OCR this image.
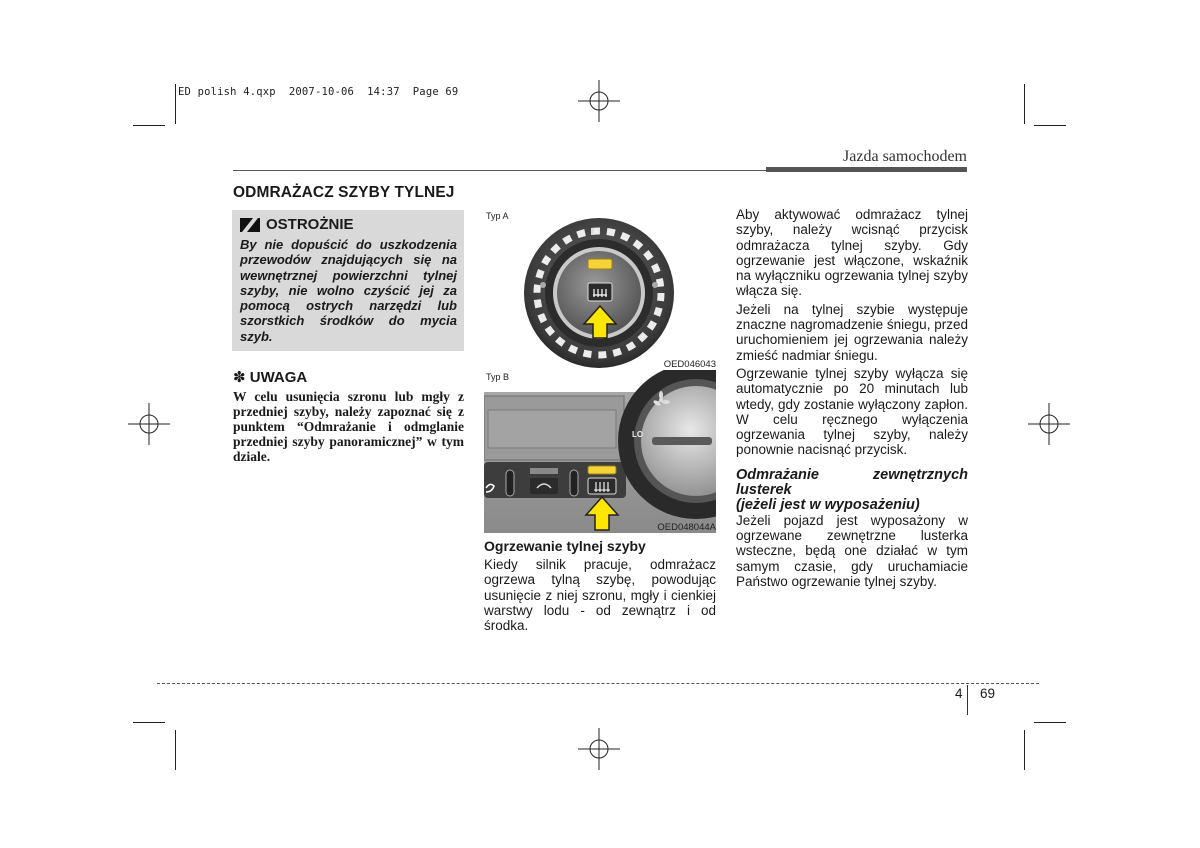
ED polish 4.qxp  2007-10-06  14:37  Page 69
Jazda samochodem
ODMRAŻACZ SZYBY TYLNEJ
OSTROŻNIE
By nie dopuścić do uszkodzenia przewodów znajdujących się na wewnętrznej powierzchni tylnej szyby, nie wolno czyścić jej za pomocą ostrych narzędzi lub szorstkich środków do mycia szyb.
✽ UWAGA
W celu usunięcia szronu lub mgły z przedniej szyby, należy zapoznać się z punktem “Odmrażanie i odmglanie przedniej szyby panoramicznej” w tym dziale.
Typ A
OED046043
LO
Typ B
OED048044A
Ogrzewanie tylnej szyby
Kiedy silnik pracuje, odmrażacz ogrzewa tylną szybę, powodując usunięcie z niej szronu, mgły i cienkiej warstwy lodu - od zewnątrz i od środka.

Aby aktywować odmrażacz tylnej szyby, należy wcisnąć przycisk odmrażacza tylnej szyby. Gdy ogrzewanie jest włączone, wskaźnik na wyłączniku ogrzewania tylnej szyby włącza się.

Jeżeli na tylnej szybie występuje znaczne nagromadzenie śniegu, przed uruchomieniem jej ogrzewania należy zmieść nadmiar śniegu.

Ogrzewanie tylnej szyby wyłącza się automatycznie po 20 minutach lub wtedy, gdy zostanie wyłączony zapłon. W celu ręcznego wyłączenia ogrzewania tylnej szyby, należy ponownie nacisnąć przycisk.

Odmrażanie zewnętrznych lusterek
(jeżeli jest w wyposażeniu)

Jeżeli pojazd jest wyposażony w ogrzewane zewnętrzne lusterka wsteczne, będą one działać w tym samym czasie, gdy uruchamiacie Państwo ogrzewanie tylnej szyby.

4 69
